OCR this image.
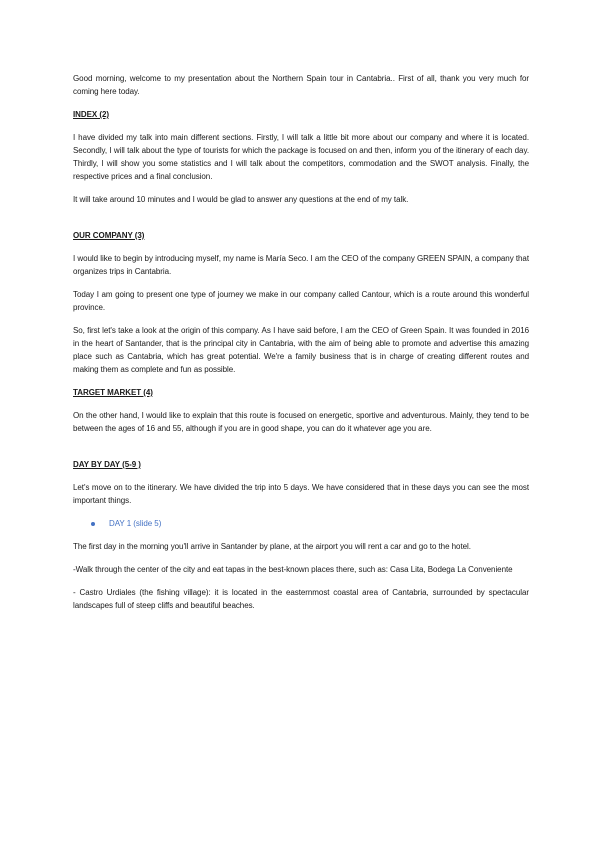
Good morning, welcome to my presentation about the Northern Spain tour in Cantabria.. First of all, thank you very much for coming here today.

INDEX (2)

I have divided my talk into main different sections. Firstly, I will talk a little bit more about our company and where it is located. Secondly, I will talk about the type of tourists for which the package is focused on and then, inform you of the itinerary of each day. Thirdly, I will show you some statistics and I will talk about the competitors, commodation and the SWOT analysis. Finally, the respective prices and a final conclusion.

It will take around 10 minutes and I would be glad to answer any questions at the end of my talk.

OUR COMPANY (3)

I would like to begin by introducing myself, my name is María Seco. I am the CEO of the company GREEN SPAIN, a company that organizes trips in Cantabria.

Today I am going to present one type of journey we make in our company called Cantour, which is a route around this wonderful province.

So, first let's take a look at the origin of this company. As I have said before, I am the CEO of Green Spain. It was founded in 2016 in the heart of Santander, that is the principal city in Cantabria, with the aim of being able to promote and advertise this amazing place such as Cantabria, which has great potential. We're a family business that is in charge of creating different routes and making them as complete and fun as possible.

TARGET MARKET (4)

On the other hand, I would like to explain that this route is focused on energetic, sportive and adventurous. Mainly, they tend to be between the ages of 16 and 55, although if you are in good shape, you can do it whatever age you are.

DAY BY DAY (5-9 )

Let's move on to the itinerary. We have divided the trip into 5 days. We have considered that in these days you can see the most important things.

DAY 1 (slide 5)

The first day in the morning you'll arrive in Santander by plane, at the airport you will rent a car and go to the hotel.

-Walk through the center of the city and eat tapas in the best-known places there, such as: Casa Lita, Bodega La Conveniente

- Castro Urdiales (the fishing village): it is located in the easternmost coastal area of Cantabria, surrounded by spectacular landscapes full of steep cliffs and beautiful beaches.
